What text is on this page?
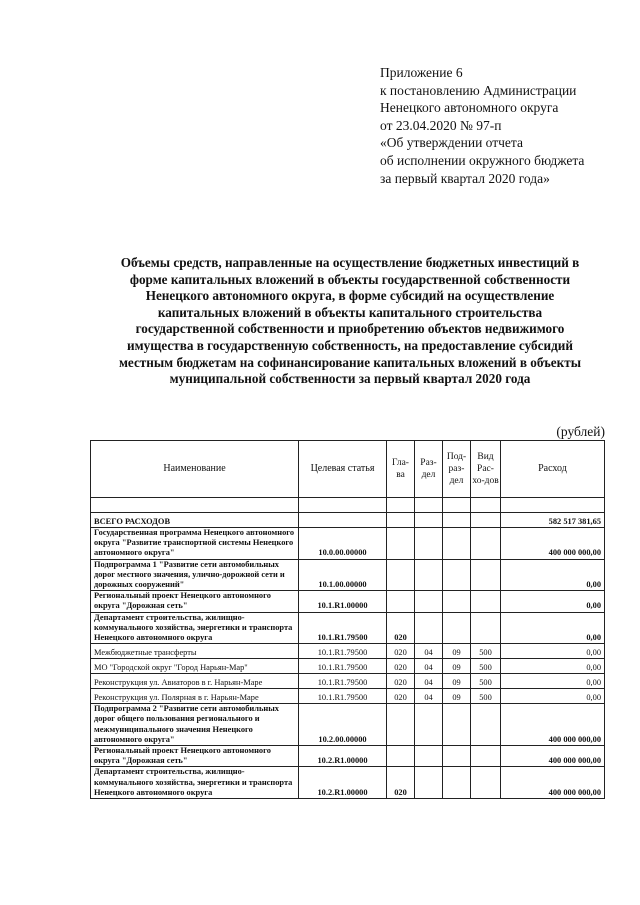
Приложение 6
к постановлению Администрации
Ненецкого автономного округа
от 23.04.2020 № 97-п
«Об утверждении отчета
об исполнении окружного бюджета
за первый квартал 2020 года»
Объемы средств, направленные на осуществление бюджетных инвестиций в
форме капитальных вложений в объекты государственной собственности
Ненецкого автономного округа, в форме субсидий на осуществление
капитальных вложений в объекты капитального строительства
государственной собственности и приобретению объектов недвижимого
имущества в государственную собственность, на предоставление субсидий
местным бюджетам на софинансирование капитальных вложений в объекты
муниципальной собственности за первый квартал 2020 года
(рублей)
Наименование	Целевая статья	Гла-ва	Раз-дел	Под-раз-дел	Вид Рас-хо-дов	Расход

ВСЕГО РАСХОДОВ						582 517 381,65
Государственная программа Ненецкого автономного округа "Развитие транспортной системы Ненецкого автономного округа"	10.0.00.00000					400 000 000,00
Подпрограмма 1 "Развитие сети автомобильных дорог местного значения, улично-дорожной сети и дорожных сооружений"	10.1.00.00000					0,00
Региональный проект Ненецкого автономного округа "Дорожная сеть"	10.1.R1.00000					0,00
Департамент строительства, жилищно-коммунального хозяйства, энергетики и транспорта Ненецкого автономного округа	10.1.R1.79500	020				0,00
Межбюджетные трансферты	10.1.R1.79500	020	04	09	500	0,00
МО "Городской округ "Город Нарьян-Мар"	10.1.R1.79500	020	04	09	500	0,00
Реконструкция ул. Авиаторов в г. Нарьян-Маре	10.1.R1.79500	020	04	09	500	0,00
Реконструкция ул. Полярная в г. Нарьян-Маре	10.1.R1.79500	020	04	09	500	0,00
Подпрограмма 2 "Развитие сети автомобильных дорог общего пользования регионального и межмуниципального значения Ненецкого автономного округа"	10.2.00.00000					400 000 000,00
Региональный проект Ненецкого автономного округа "Дорожная сеть"	10.2.R1.00000					400 000 000,00
Департамент строительства, жилищно-коммунального хозяйства, энергетики и транспорта Ненецкого автономного округа	10.2.R1.00000	020				400 000 000,00
